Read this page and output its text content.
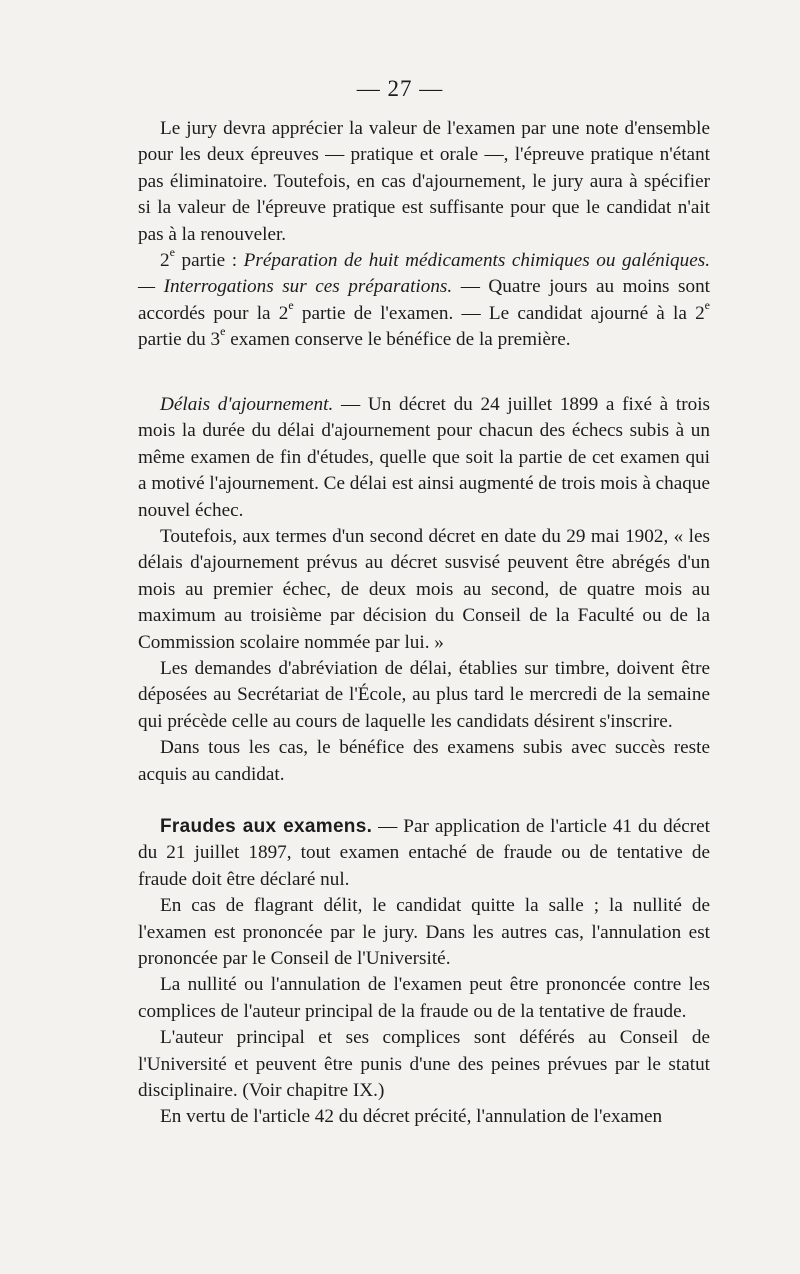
— 27 —

Le jury devra apprécier la valeur de l'examen par une note d'ensemble pour les deux épreuves — pratique et orale —, l'épreuve pratique n'étant pas éliminatoire. Toutefois, en cas d'ajournement, le jury aura à spécifier si la valeur de l'épreuve pratique est suffisante pour que le candidat n'ait pas à la renouveler.

2e partie : Préparation de huit médicaments chimiques ou galéniques. — Interrogations sur ces préparations. — Quatre jours au moins sont accordés pour la 2e partie de l'examen. — Le candidat ajourné à la 2e partie du 3e examen conserve le bénéfice de la première.

Délais d'ajournement. — Un décret du 24 juillet 1899 a fixé à trois mois la durée du délai d'ajournement pour chacun des échecs subis à un même examen de fin d'études, quelle que soit la partie de cet examen qui a motivé l'ajournement. Ce délai est ainsi augmenté de trois mois à chaque nouvel échec.

Toutefois, aux termes d'un second décret en date du 29 mai 1902, « les délais d'ajournement prévus au décret susvisé peuvent être abrégés d'un mois au premier échec, de deux mois au second, de quatre mois au maximum au troisième par décision du Conseil de la Faculté ou de la Commission scolaire nommée par lui. »

Les demandes d'abréviation de délai, établies sur timbre, doivent être déposées au Secrétariat de l'École, au plus tard le mercredi de la semaine qui précède celle au cours de laquelle les candidats désirent s'inscrire.

Dans tous les cas, le bénéfice des examens subis avec succès reste acquis au candidat.

Fraudes aux examens. — Par application de l'article 41 du décret du 21 juillet 1897, tout examen entaché de fraude ou de tentative de fraude doit être déclaré nul.

En cas de flagrant délit, le candidat quitte la salle ; la nullité de l'examen est prononcée par le jury. Dans les autres cas, l'annulation est prononcée par le Conseil de l'Université.

La nullité ou l'annulation de l'examen peut être prononcée contre les complices de l'auteur principal de la fraude ou de la tentative de fraude.

L'auteur principal et ses complices sont déférés au Conseil de l'Université et peuvent être punis d'une des peines prévues par le statut disciplinaire. (Voir chapitre IX.)

En vertu de l'article 42 du décret précité, l'annulation de l'examen
